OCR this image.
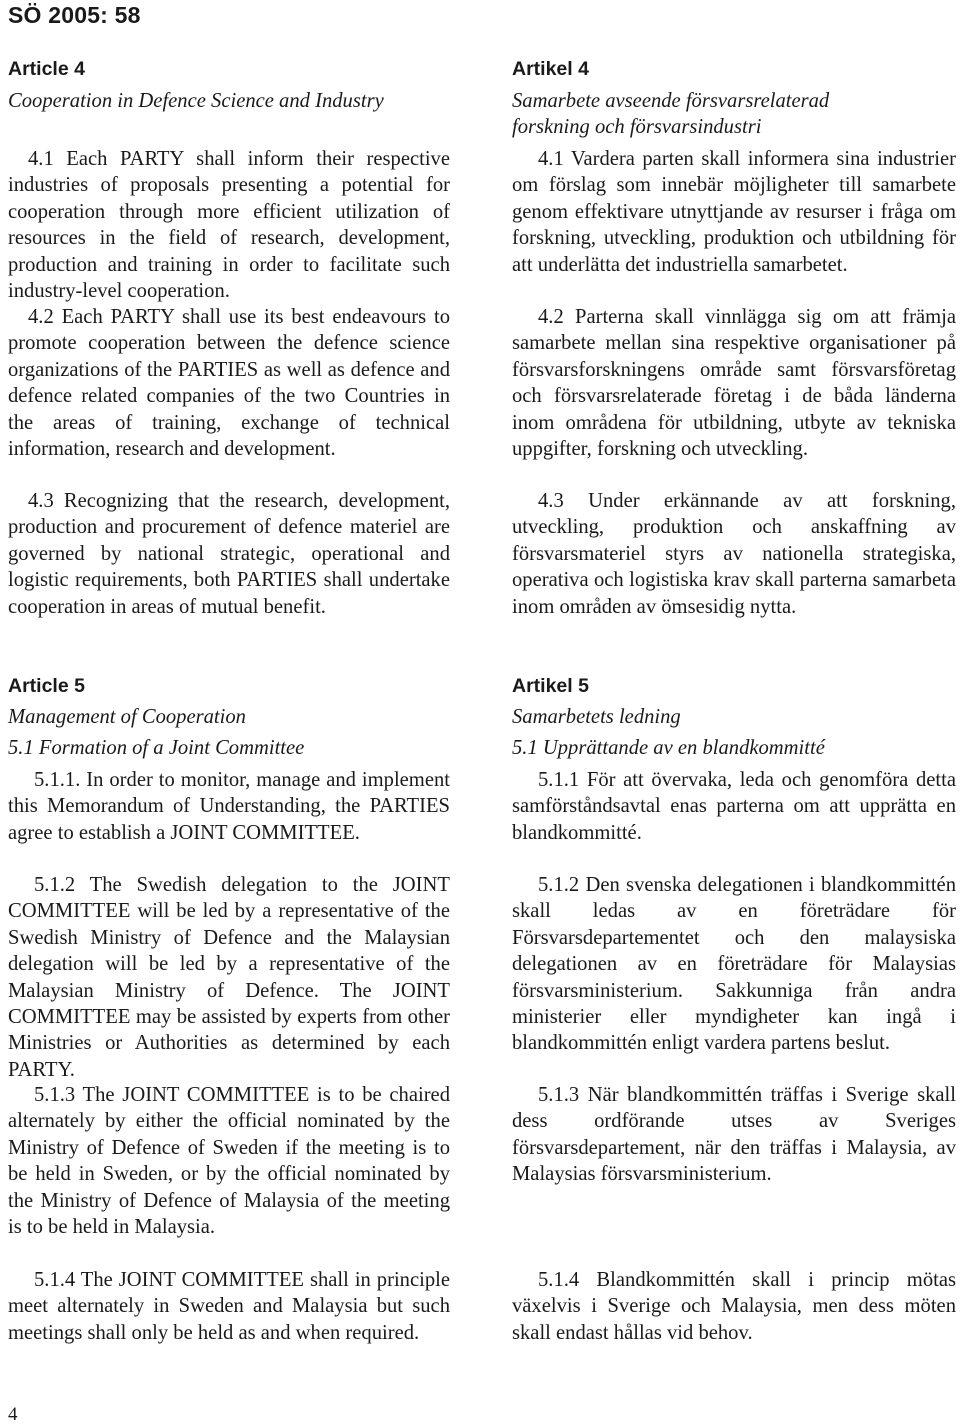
SÖ 2005: 58
Article 4
Cooperation in Defence Science and Industry
4.1 Each PARTY shall inform their respective industries of proposals presenting a potential for cooperation through more efficient utilization of resources in the field of research, development, production and training in order to facilitate such industry-level cooperation.
4.2 Each PARTY shall use its best endeavours to promote cooperation between the defence science organizations of the PARTIES as well as defence and defence related companies of the two Countries in the areas of training, exchange of technical information, research and development.
4.3 Recognizing that the research, development, production and procurement of defence materiel are governed by national strategic, operational and logistic requirements, both PARTIES shall undertake cooperation in areas of mutual benefit.
Article 5
Management of Cooperation
5.1 Formation of a Joint Committee
5.1.1. In order to monitor, manage and implement this Memorandum of Understanding, the PARTIES agree to establish a JOINT COMMITTEE.
5.1.2 The Swedish delegation to the JOINT COMMITTEE will be led by a representative of the Swedish Ministry of Defence and the Malaysian delegation will be led by a representative of the Malaysian Ministry of Defence. The JOINT COMMITTEE may be assisted by experts from other Ministries or Authorities as determined by each PARTY.
5.1.3 The JOINT COMMITTEE is to be chaired alternately by either the official nominated by the Ministry of Defence of Sweden if the meeting is to be held in Sweden, or by the official nominated by the Ministry of Defence of Malaysia of the meeting is to be held in Malaysia.
5.1.4 The JOINT COMMITTEE shall in principle meet alternately in Sweden and Malaysia but such meetings shall only be held as and when required.
Artikel 4
Samarbete avseende försvarsrelaterad forskning och försvarsindustri
4.1 Vardera parten skall informera sina industrier om förslag som innebär möjligheter till samarbete genom effektivare utnyttjande av resurser i fråga om forskning, utveckling, produktion och utbildning för att underlätta det industriella samarbetet.
4.2 Parterna skall vinnlägga sig om att främja samarbete mellan sina respektive organisationer på försvarsforskningens område samt försvarsföretag och försvarsrelaterade företag i de båda länderna inom områdena för utbildning, utbyte av tekniska uppgifter, forskning och utveckling.
4.3 Under erkännande av att forskning, utveckling, produktion och anskaffning av försvarsmateriel styrs av nationella strategiska, operativa och logistiska krav skall parterna samarbeta inom områden av ömsesidig nytta.
Artikel 5
Samarbetets ledning
5.1 Upprättande av en blandkommitté
5.1.1 För att övervaka, leda och genomföra detta samförståndsavtal enas parterna om att upprätta en blandkommitté.
5.1.2 Den svenska delegationen i blandkommittén skall ledas av en företrädare för Försvarsdepartementet och den malaysiska delegationen av en företrädare för Malaysias försvarsministerium. Sakkunniga från andra ministerier eller myndigheter kan ingå i blandkommittén enligt vardera partens beslut.
5.1.3 När blandkommittén träffas i Sverige skall dess ordförande utses av Sveriges försvarsdepartement, när den träffas i Malaysia, av Malaysias försvarsministerium.
5.1.4 Blandkommittén skall i princip mötas växelvis i Sverige och Malaysia, men dess möten skall endast hållas vid behov.
4
